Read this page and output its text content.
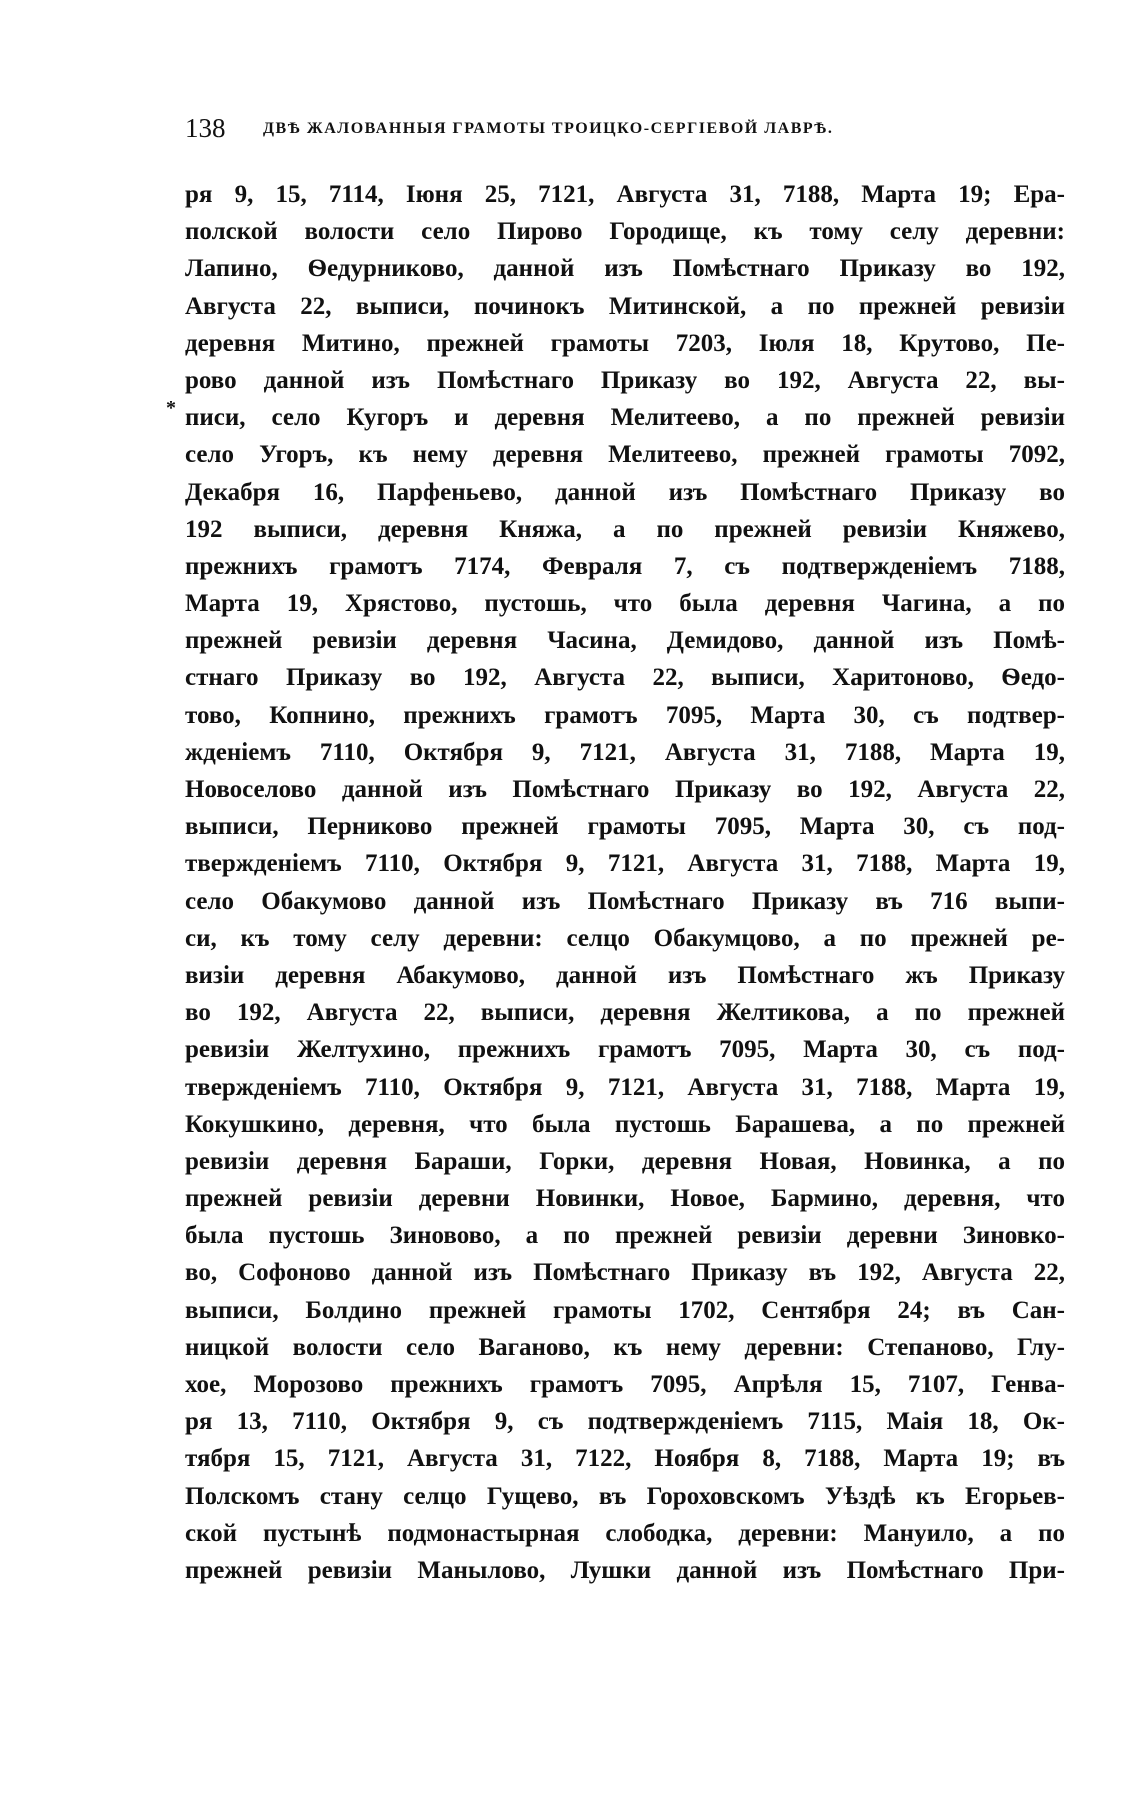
138 ДВѢ ЖАЛОВАННЫЯ ГРАМОТЫ ТРОИЦКО-СЕРГІЕВОЙ ЛАВРѢ.
*
ря 9, 15, 7114, Іюня 25, 7121, Августа 31, 7188, Марта 19; Ера-
полской волости село Пирово Городище, къ тому селу деревни:
Лапино, Ѳедурниково, данной изъ Помѣстнаго Приказу во 192,
Августа 22, выписи, починокъ Митинской, а по прежней ревизіи
деревня Митино, прежней грамоты 7203, Іюля 18, Крутово, Пе-
рово данной изъ Помѣстнаго Приказу во 192, Августа 22, вы-
писи, село Кугоръ и деревня Мелитеево, а по прежней ревизіи
село Угоръ, къ нему деревня Мелитеево, прежней грамоты 7092,
Декабря 16, Парфеньево, данной изъ Помѣстнаго Приказу во
192 выписи, деревня Княжа, а по прежней ревизіи Княжево,
прежнихъ грамотъ 7174, Февраля 7, съ подтвержденіемъ 7188,
Марта 19, Хрястово, пустошь, что была деревня Чагина, а по
прежней ревизіи деревня Часина, Демидово, данной изъ Помѣ-
стнаго Приказу во 192, Августа 22, выписи, Харитоново, Ѳедо-
тово, Копнино, прежнихъ грамотъ 7095, Марта 30, съ подтвер-
жденіемъ 7110, Октября 9, 7121, Августа 31, 7188, Марта 19,
Новоселово данной изъ Помѣстнаго Приказу во 192, Августа 22,
выписи, Перниково прежней грамоты 7095, Марта 30, съ под-
твержденіемъ 7110, Октября 9, 7121, Августа 31, 7188, Марта 19,
село Обакумово данной изъ Помѣстнаго Приказу въ 716 выпи-
си, къ тому селу деревни: селцо Обакумцово, а по прежней ре-
визіи деревня Абакумово, данной изъ Помѣстнаго жъ Приказу
во 192, Августа 22, выписи, деревня Желтикова, а по прежней
ревизіи Желтухино, прежнихъ грамотъ 7095, Марта 30, съ под-
твержденіемъ 7110, Октября 9, 7121, Августа 31, 7188, Марта 19,
Кокушкино, деревня, что была пустошь Барашева, а по прежней
ревизіи деревня Бараши, Горки, деревня Новая, Новинка, а по
прежней ревизіи деревни Новинки, Новое, Бармино, деревня, что
была пустошь Зиновово, а по прежней ревизіи деревни Зиновко-
во, Софоново данной изъ Помѣстнаго Приказу въ 192, Августа 22,
выписи, Болдино прежней грамоты 1702, Сентября 24; въ Сан-
ницкой волости село Ваганово, къ нему деревни: Степаново, Глу-
хое, Морозово прежнихъ грамотъ 7095, Апрѣля 15, 7107, Генва-
ря 13, 7110, Октября 9, съ подтвержденіемъ 7115, Маія 18, Ок-
тября 15, 7121, Августа 31, 7122, Ноября 8, 7188, Марта 19; въ
Полскомъ стану селцо Гущево, въ Гороховскомъ Уѣздѣ къ Егорьев-
ской пустынѣ подмонастырная слободка, деревни: Мануило, а по
прежней ревизіи Манылово, Лушки данной изъ Помѣстнаго При-
